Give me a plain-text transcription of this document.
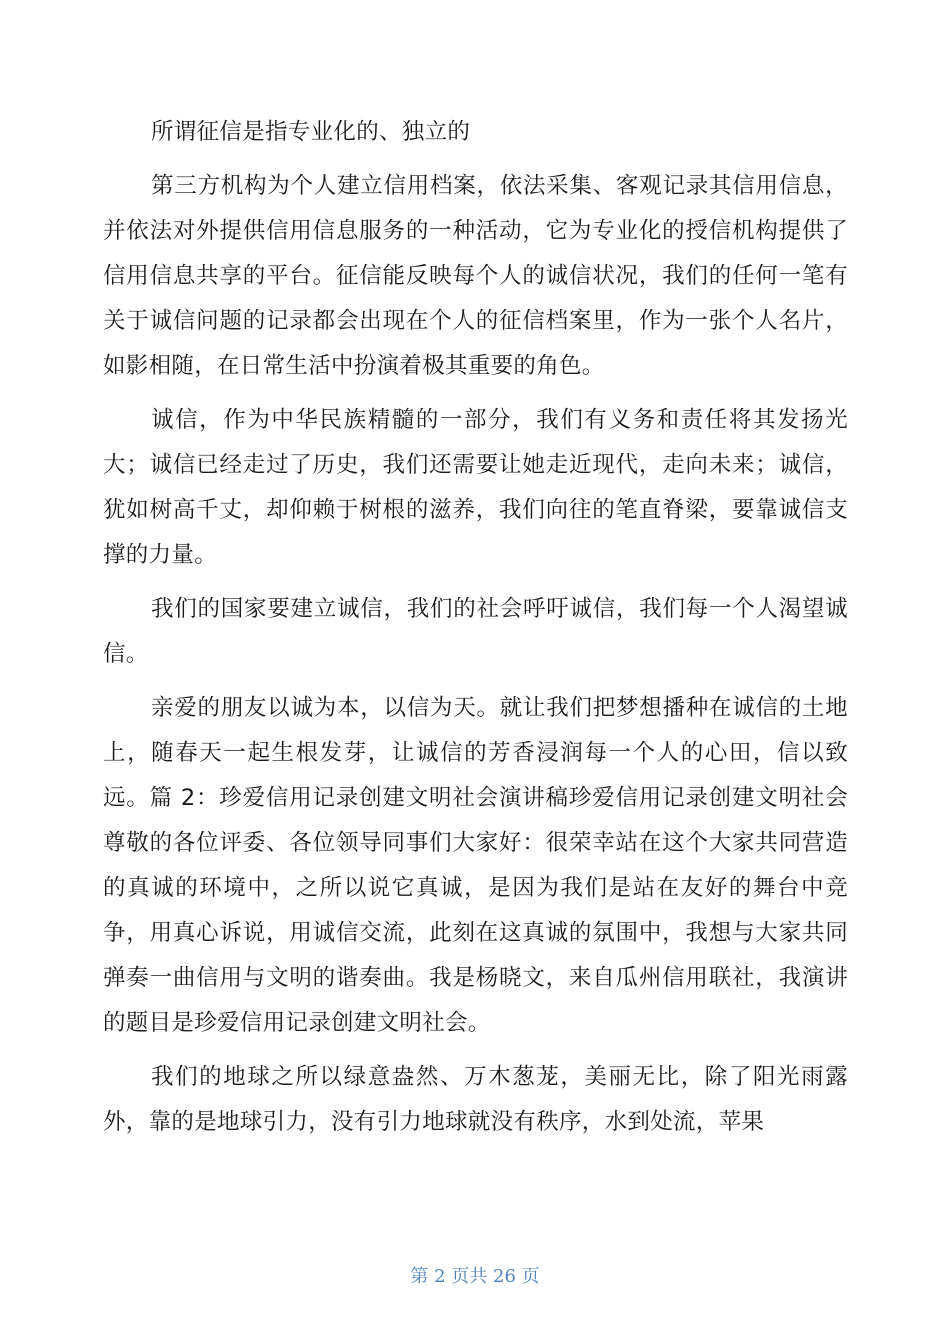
所谓征信是指专业化的、独立的

第三方机构为个人建立信用档案，依法采集、客观记录其信用信息，并依法对外提供信用信息服务的一种活动，它为专业化的授信机构提供了信用信息共享的平台。征信能反映每个人的诚信状况，我们的任何一笔有关于诚信问题的记录都会出现在个人的征信档案里，作为一张个人名片，如影相随，在日常生活中扮演着极其重要的角色。

诚信，作为中华民族精髓的一部分，我们有义务和责任将其发扬光大；诚信已经走过了历史，我们还需要让她走近现代，走向未来；诚信，犹如树高千丈，却仰赖于树根的滋养，我们向往的笔直脊梁，要靠诚信支撑的力量。

我们的国家要建立诚信，我们的社会呼吁诚信，我们每一个人渴望诚信。

亲爱的朋友以诚为本，以信为天。就让我们把梦想播种在诚信的土地上，随春天一起生根发芽，让诚信的芳香浸润每一个人的心田，信以致远。篇 2：珍爱信用记录创建文明社会演讲稿珍爱信用记录创建文明社会尊敬的各位评委、各位领导同事们大家好：很荣幸站在这个大家共同营造的真诚的环境中，之所以说它真诚，是因为我们是站在友好的舞台中竞争，用真心诉说，用诚信交流，此刻在这真诚的氛围中，我想与大家共同弹奏一曲信用与文明的谐奏曲。我是杨晓文，来自瓜州信用联社，我演讲的题目是珍爱信用记录创建文明社会。

我们的地球之所以绿意盎然、万木葱茏，美丽无比，除了阳光雨露外，靠的是地球引力，没有引力地球就没有秩序，水到处流，苹果

第 2 页共 26 页
